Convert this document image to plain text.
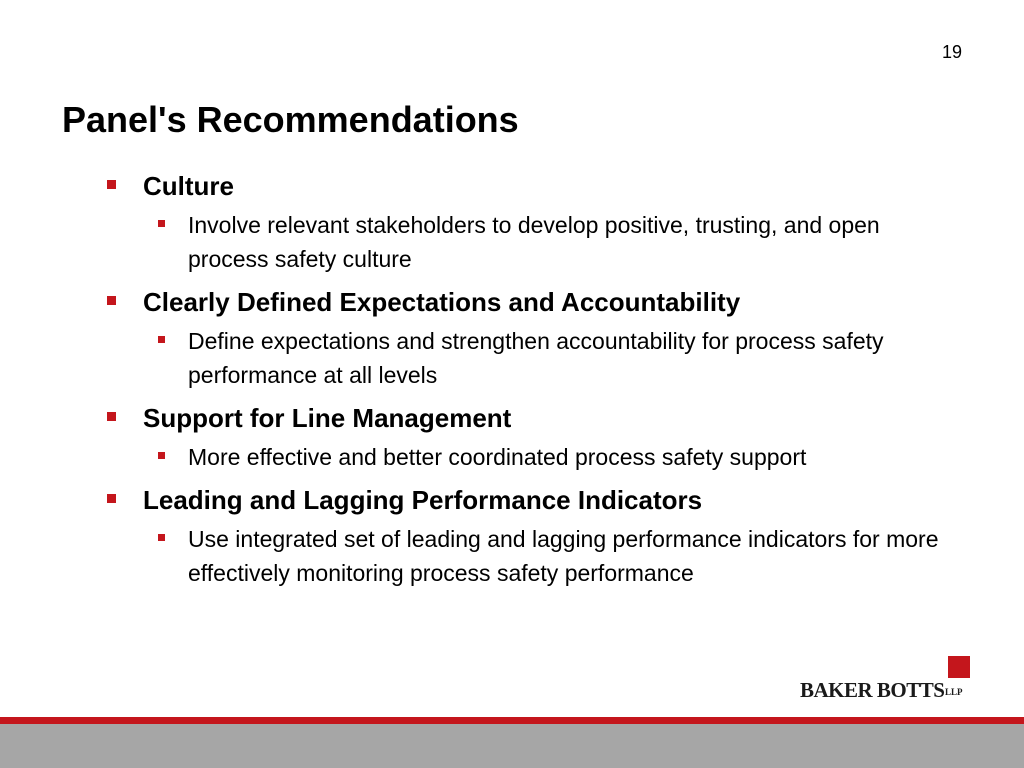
19
Panel's Recommendations
Culture
Involve relevant stakeholders to develop positive, trusting, and open process safety culture
Clearly Defined Expectations and Accountability
Define expectations and strengthen accountability for process safety performance at all levels
Support for Line Management
More effective and better coordinated process safety support
Leading and Lagging Performance Indicators
Use integrated set of leading and lagging performance indicators for more effectively monitoring process safety performance
BAKER BOTTS LLP
